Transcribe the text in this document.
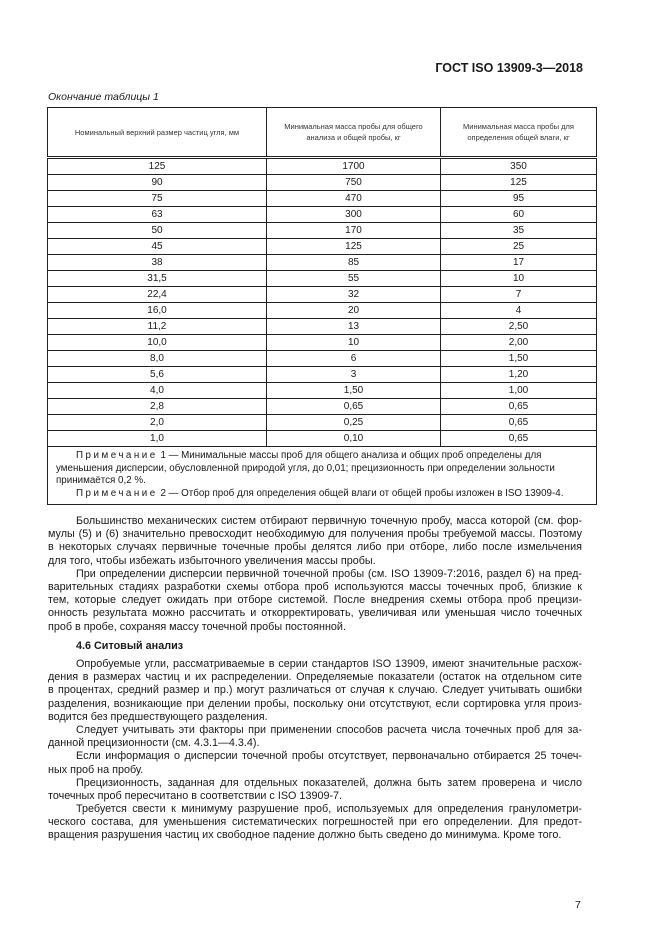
ГОСТ ISO 13909-3—2018
Окончание таблицы 1
Номинальный верхний размер частиц угля, мм	Минимальная масса пробы для общего анализа и общей пробы, кг	Минимальная масса пробы для определения общей влаги, кг
125	1700	350
90	750	125
75	470	95
63	300	60
50	170	35
45	125	25
38	85	17
31,5	55	10
22,4	32	7
16,0	20	4
11,2	13	2,50
10,0	10	2,00
8,0	6	1,50
5,6	3	1,20
4,0	1,50	1,00
2,8	0,65	0,65
2,0	0,25	0,65
1,0	0,10	0,65

Примечание 1 — Минимальные массы проб для общего анализа и общих проб определены для уменьшения дисперсии, обусловленной природой угля, до 0,01; прецизионность при определении зольности принимаётся 0,2 %.
Примечание 2 — Отбор проб для определения общей влаги от общей пробы изложен в ISO 13909-4.		
Большинство механических систем отбирают первичную точечную пробу, масса которой (см. фор-
мулы (5) и (6) значительно превосходит необходимую для получения пробы требуемой массы. Поэтому
в некоторых случаях первичные точечные пробы делятся либо при отборе, либо после измельчения
для того, чтобы избежать избыточного увеличения массы пробы.
При определении дисперсии первичной точечной пробы (см. ISO 13909-7:2016, раздел 6) на пред-
варительных стадиях разработки схемы отбора проб используются массы точечных проб, близкие к
тем, которые следует ожидать при отборе системой. После внедрения схемы отбора проб прецизи-
онность результата можно рассчитать и откорректировать, увеличивая или уменьшая число точечных
проб в пробе, сохраняя массу точечной пробы постоянной.
4.6 Ситовый анализ
Опробуемые угли, рассматриваемые в серии стандартов ISO 13909, имеют значительные расхож-
дения в размерах частиц и их распределении. Определяемые показатели (остаток на отдельном сите
в процентах, средний размер и пр.) могут различаться от случая к случаю. Следует учитывать ошибки
разделения, возникающие при делении пробы, поскольку они отсутствуют, если сортировка угля произ-
водится без предшествующего разделения.
Следует учитывать эти факторы при применении способов расчета числа точечных проб для за-
данной прецизионности (см. 4.3.1—4.3.4).
Если информация о дисперсии точечной пробы отсутствует, первоначально отбирается 25 точеч-
ных проб на пробу.
Прецизионность, заданная для отдельных показателей, должна быть затем проверена и число
точечных проб пересчитано в соответствии с ISO 13909-7.
Требуется свести к минимуму разрушение проб, используемых для определения гранулометри-
ческого состава, для уменьшения систематических погрешностей при его определении. Для предот-
вращения разрушения частиц их свободное падение должно быть сведено до минимума. Кроме того.
7
